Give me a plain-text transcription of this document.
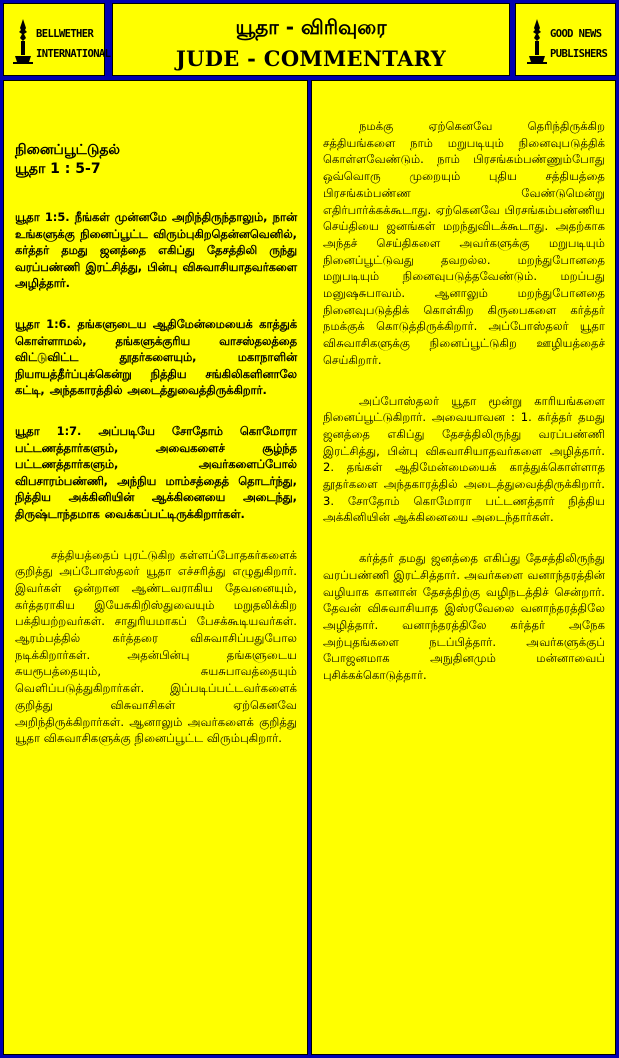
BELLWETHER
INTERNATIONAL
யூதா - விரிவுரை
JUDE - COMMENTARY
GOOD NEWS
PUBLISHERS

நினைப்பூட்டுதல்

யூதா 1 : 5-7

யூதா 1:5. நீங்கள் முன்னமே அறிந்திருந்தாலும், நான் உங்களுக்கு நினைப்பூட்ட விரும்புகிறதென்னவெனில், கர்த்தர் தமது ஜனத்தை எகிப்து தேசத்திலி ருந்து வரப்பண்ணி இரட்சித்து, பின்பு விசுவாசியாதவர்களை அழித்தார்.

யூதா 1:6. தங்களுடைய ஆதிமேன்மையைக் காத்துக் கொள்ளாமல், தங்களுக்குரிய வாசஸ்தலத்தை விட்டுவிட்ட தூதர்களையும், மகாநாளின் நியாயத்தீர்ப்புக்கென்று நித்திய சங்கிலிகளினாலே கட்டி, அந்தகாரத்தில் அடைத்துவைத்திருக்கிறார்.

யூதா 1:7. அப்படியே சோதோம் கொமோரா பட்டணத்தார்களும், அவைகளைச் சூழ்ந்த பட்டணத்தார்களும், அவர்களைப்போல் விபசாரம்பண்ணி, அந்நிய மாம்சத்தைத் தொடர்ந்து, நித்திய அக்கினியின் ஆக்கினையை அடைந்து, திருஷ்டாந்தமாக வைக்கப்பட்டிருக்கிறார்கள்.

சத்தியத்தைப் புரட்டுகிற கள்ளப்போதகர்களைக் குறித்து அப்போஸ்தலர் யூதா எச்சரித்து எழுதுகிறார். இவர்கள் ஒன்றான ஆண்டவராகிய தேவனையும், கர்த்தராகிய இயேசுகிறிஸ்துவையும் மறுதலிக்கிற பக்தியற்றவர்கள். சாதுரியமாகப் பேசக்கூடியவர்கள். ஆரம்பத்தில் கர்த்தரை விசுவாசிப்பதுபோல நடிக்கிறார்கள். அதன்பின்பு தங்களுடைய சுயரூபத்தையும், சுயசுபாவத்தையும் வெளிப்படுத்துகிறார்கள். இப்படிப்பட்டவர்களைக் குறித்து விசுவாசிகள் ஏற்கெனவே அறிந்திருக்கிறார்கள். ஆனாலும் அவர்களைக் குறித்து யூதா விசுவாசிகளுக்கு நினைப்பூட்ட விரும்புகிறார்.

நமக்கு ஏற்கெனவே தெரிந்திருக்கிற சத்தியங்களை நாம் மறுபடியும் நினைவுபடுத்திக் கொள்ளவேண்டும். நாம் பிரசங்கம்பண்ணும்போது ஒவ்வொரு முறையும் புதிய சத்தியத்தை பிரசங்கம்பண்ண வேண்டுமென்று எதிர்பார்க்கக்கூடாது. ஏற்கெனவே பிரசங்கம்பண்ணிய செய்தியை ஜனங்கள் மறந்துவிடக்கூடாது. அதற்காக அந்தச் செய்திகளை அவர்களுக்கு மறுபடியும் நினைப்பூட்டுவது தவறல்ல. மறந்துபோனதை மறுபடியும் நினைவுபடுத்தவேண்டும். மறப்பது மனுஷசுபாவம். ஆனாலும் மறந்துபோனதை நினைவுபடுத்திக் கொள்கிற கிருபைகளை கர்த்தர் நமக்குக் கொடுத்திருக்கிறார். அப்போஸ்தலர் யூதா விசுவாசிகளுக்கு நினைப்பூட்டுகிற ஊழியத்தைச் செய்கிறார்.

அப்போஸ்தலர் யூதா மூன்று காரியங்களை நினைப்பூட்டுகிறார். அவையாவன : 1. கர்த்தர் தமது ஜனத்தை எகிப்து தேசத்திலிருந்து வரப்பண்ணி இரட்சித்து, பின்பு விசுவாசியாதவர்களை அழித்தார். 2. தங்கள் ஆதிமேன்மையைக் காத்துக்கொள்ளாத தூதர்களை அந்தகாரத்தில் அடைத்துவைத்திருக்கிறார். 3. சோதோம் கொமோரா பட்டணத்தார் நித்திய அக்கினியின் ஆக்கினையை அடைந்தார்கள்.

கர்த்தர் தமது ஜனத்தை எகிப்து தேசத்திலிருந்து வரப்பண்ணி இரட்சித்தார். அவர்களை வனாந்தரத்தின் வழியாக கானான் தேசத்திற்கு வழிநடத்திச் சென்றார். தேவன் விசுவாசியாத இஸ்ரவேலை வனாந்தரத்திலே அழித்தார். வனாந்தரத்திலே கர்த்தர் அநேக அற்புதங்களை நடப்பித்தார். அவர்களுக்குப் போஜனமாக அநுதினமும் மன்னாவைப் புசிக்கக்கொடுத்தார்.
